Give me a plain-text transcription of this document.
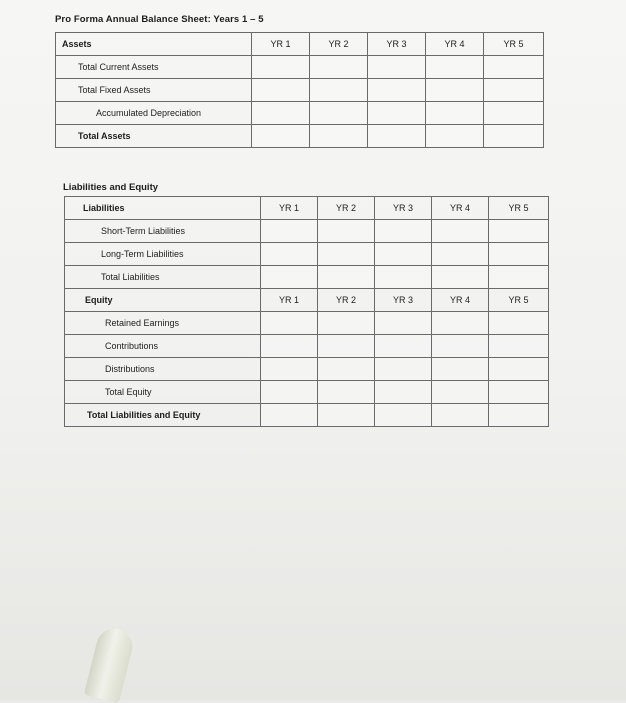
Pro Forma Annual Balance Sheet: Years 1 – 5
Assets	YR 1	YR 2	YR 3	YR 4	YR 5
Total Current Assets					
Total Fixed Assets					
Accumulated Depreciation					
Total Assets					
Liabilities and Equity
Liabilities	YR 1	YR 2	YR 3	YR 4	YR 5
Short-Term Liabilities					
Long-Term Liabilities					
Total Liabilities					
Equity	YR 1	YR 2	YR 3	YR 4	YR 5
Retained Earnings					
Contributions					
Distributions					
Total Equity					
Total Liabilities and Equity					
